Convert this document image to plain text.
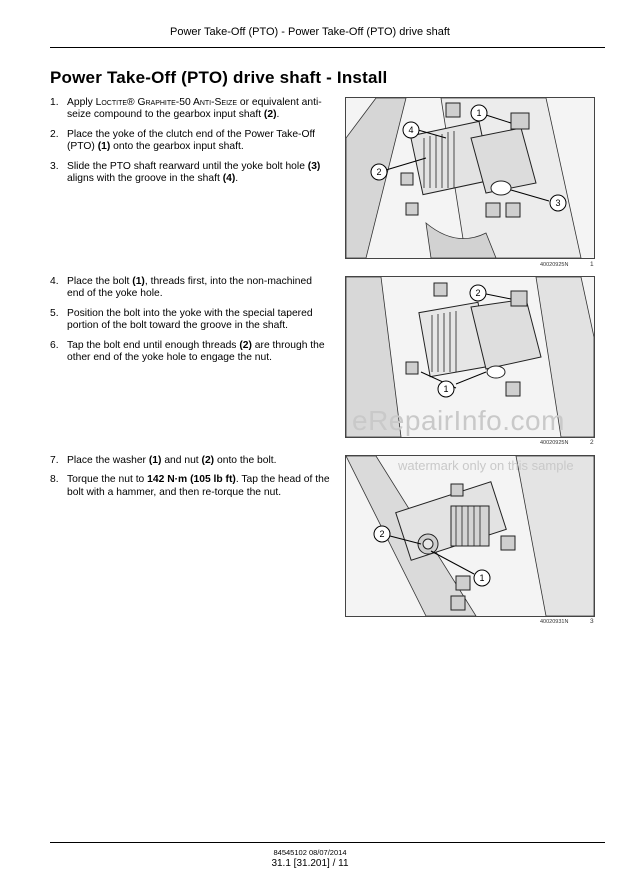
Power Take-Off (PTO) - Power Take-Off (PTO) drive shaft
Power Take-Off (PTO) drive shaft - Install
1. Apply Loctite® Graphite-50 Anti-Seize or equivalent anti-seize compound to the gearbox input shaft (2).
2. Place the yoke of the clutch end of the Power Take-Off (PTO) (1) onto the gearbox input shaft.
3. Slide the PTO shaft rearward until the yoke bolt hole (3) aligns with the groove in the shaft (4).
4. Place the bolt (1), threads first, into the non-machined end of the yoke hole.
5. Position the bolt into the yoke with the special tapered portion of the bolt toward the groove in the shaft.
6. Tap the bolt end until enough threads (2) are through the other end of the yoke hole to engage the nut.
7. Place the washer (1) and nut (2) onto the bolt.
8. Torque the nut to 142 N·m (105 lb ft). Tap the head of the bolt with a hammer, and then re-torque the nut.
1
2
3
4
40020925N	1
1
2
40020925N	2
1
2
40020931N	3
eRepairInfo.com
watermark only on this sample
84545102 08/07/2014
31.1 [31.201] / 11
